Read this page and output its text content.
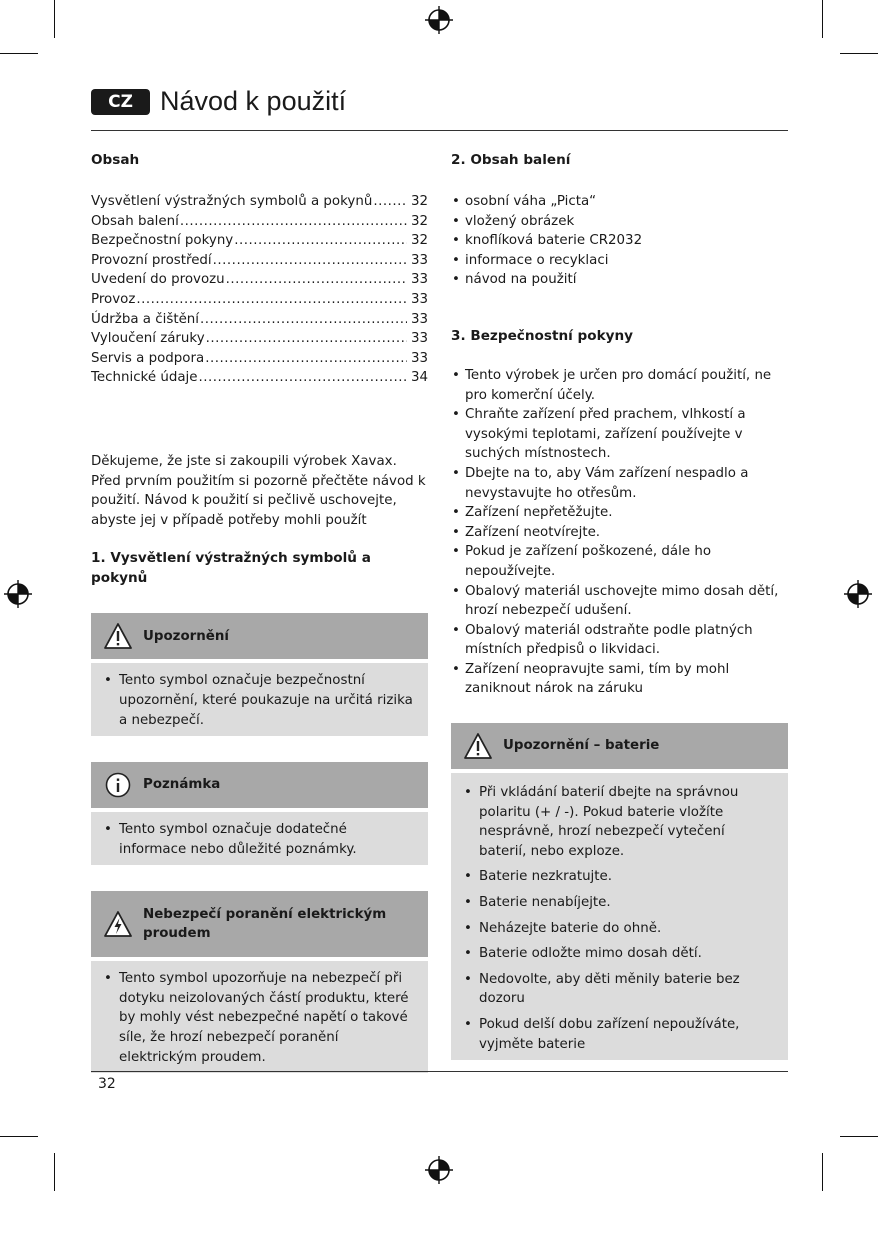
CZ	Návod k použití
Obsah
Vysvětlení výstražných symbolů a pokynů .....	32
Obsah balení .....	32
Bezpečnostní pokyny .....	32
Provozní prostředí .....	33
Uvedení do provozu .....	33
Provoz .....	33
Údržba a čištění .....	33
Vyloučení záruky .....	33
Servis a podpora .....	33
Technické údaje .....	34

Děkujeme, že jste si zakoupili výrobek Xavax. Před prvním použitím si pozorně přečtěte návod k použití. Návod k použití si pečlivě uschovejte, abyste jej v případě potřeby mohli použít

1. Vysvětlení výstražných symbolů a pokynů
Upozornění
• Tento symbol označuje bezpečnostní upozornění, které poukazuje na určitá rizika a nebezpečí.
Poznámka
• Tento symbol označuje dodatečné informace nebo důležité poznámky.
Nebezpečí poranění elektrickým proudem
• Tento symbol upozorňuje na nebezpečí při dotyku neizolovaných částí produktu, které by mohly vést nebezpečné napětí o takové síle, že hrozí nebezpečí poranění elektrickým proudem.
2. Obsah balení
• osobní váha „Picta“
• vložený obrázek
• knoflíková baterie CR2032
• informace o recyklaci
• návod na použití
3. Bezpečnostní pokyny
• Tento výrobek je určen pro domácí použití, ne pro komerční účely.
• Chraňte zařízení před prachem, vlhkostí a vysokými teplotami, zařízení používejte v suchých místnostech.
• Dbejte na to, aby Vám zařízení nespadlo a nevystavujte ho otřesům.
• Zařízení nepřetěžujte.
• Zařízení neotvírejte.
• Pokud je zařízení poškozené, dále ho nepoužívejte.
• Obalový materiál uschovejte mimo dosah dětí, hrozí nebezpečí udušení.
• Obalový materiál odstraňte podle platných místních předpisů o likvidaci.
• Zařízení neopravujte sami, tím by mohl zaniknout nárok na záruku
Upozornění – baterie
• Při vkládání baterií dbejte na správnou polaritu (+ / -). Pokud baterie vložíte nesprávně, hrozí nebezpečí vytečení baterií, nebo exploze.
• Baterie nezkratujte.
• Baterie nenabíjejte.
• Neházejte baterie do ohně.
• Baterie odložte mimo dosah dětí.
• Nedovolte, aby děti měnily baterie bez dozoru
• Pokud delší dobu zařízení nepoužíváte, vyjměte baterie
32
